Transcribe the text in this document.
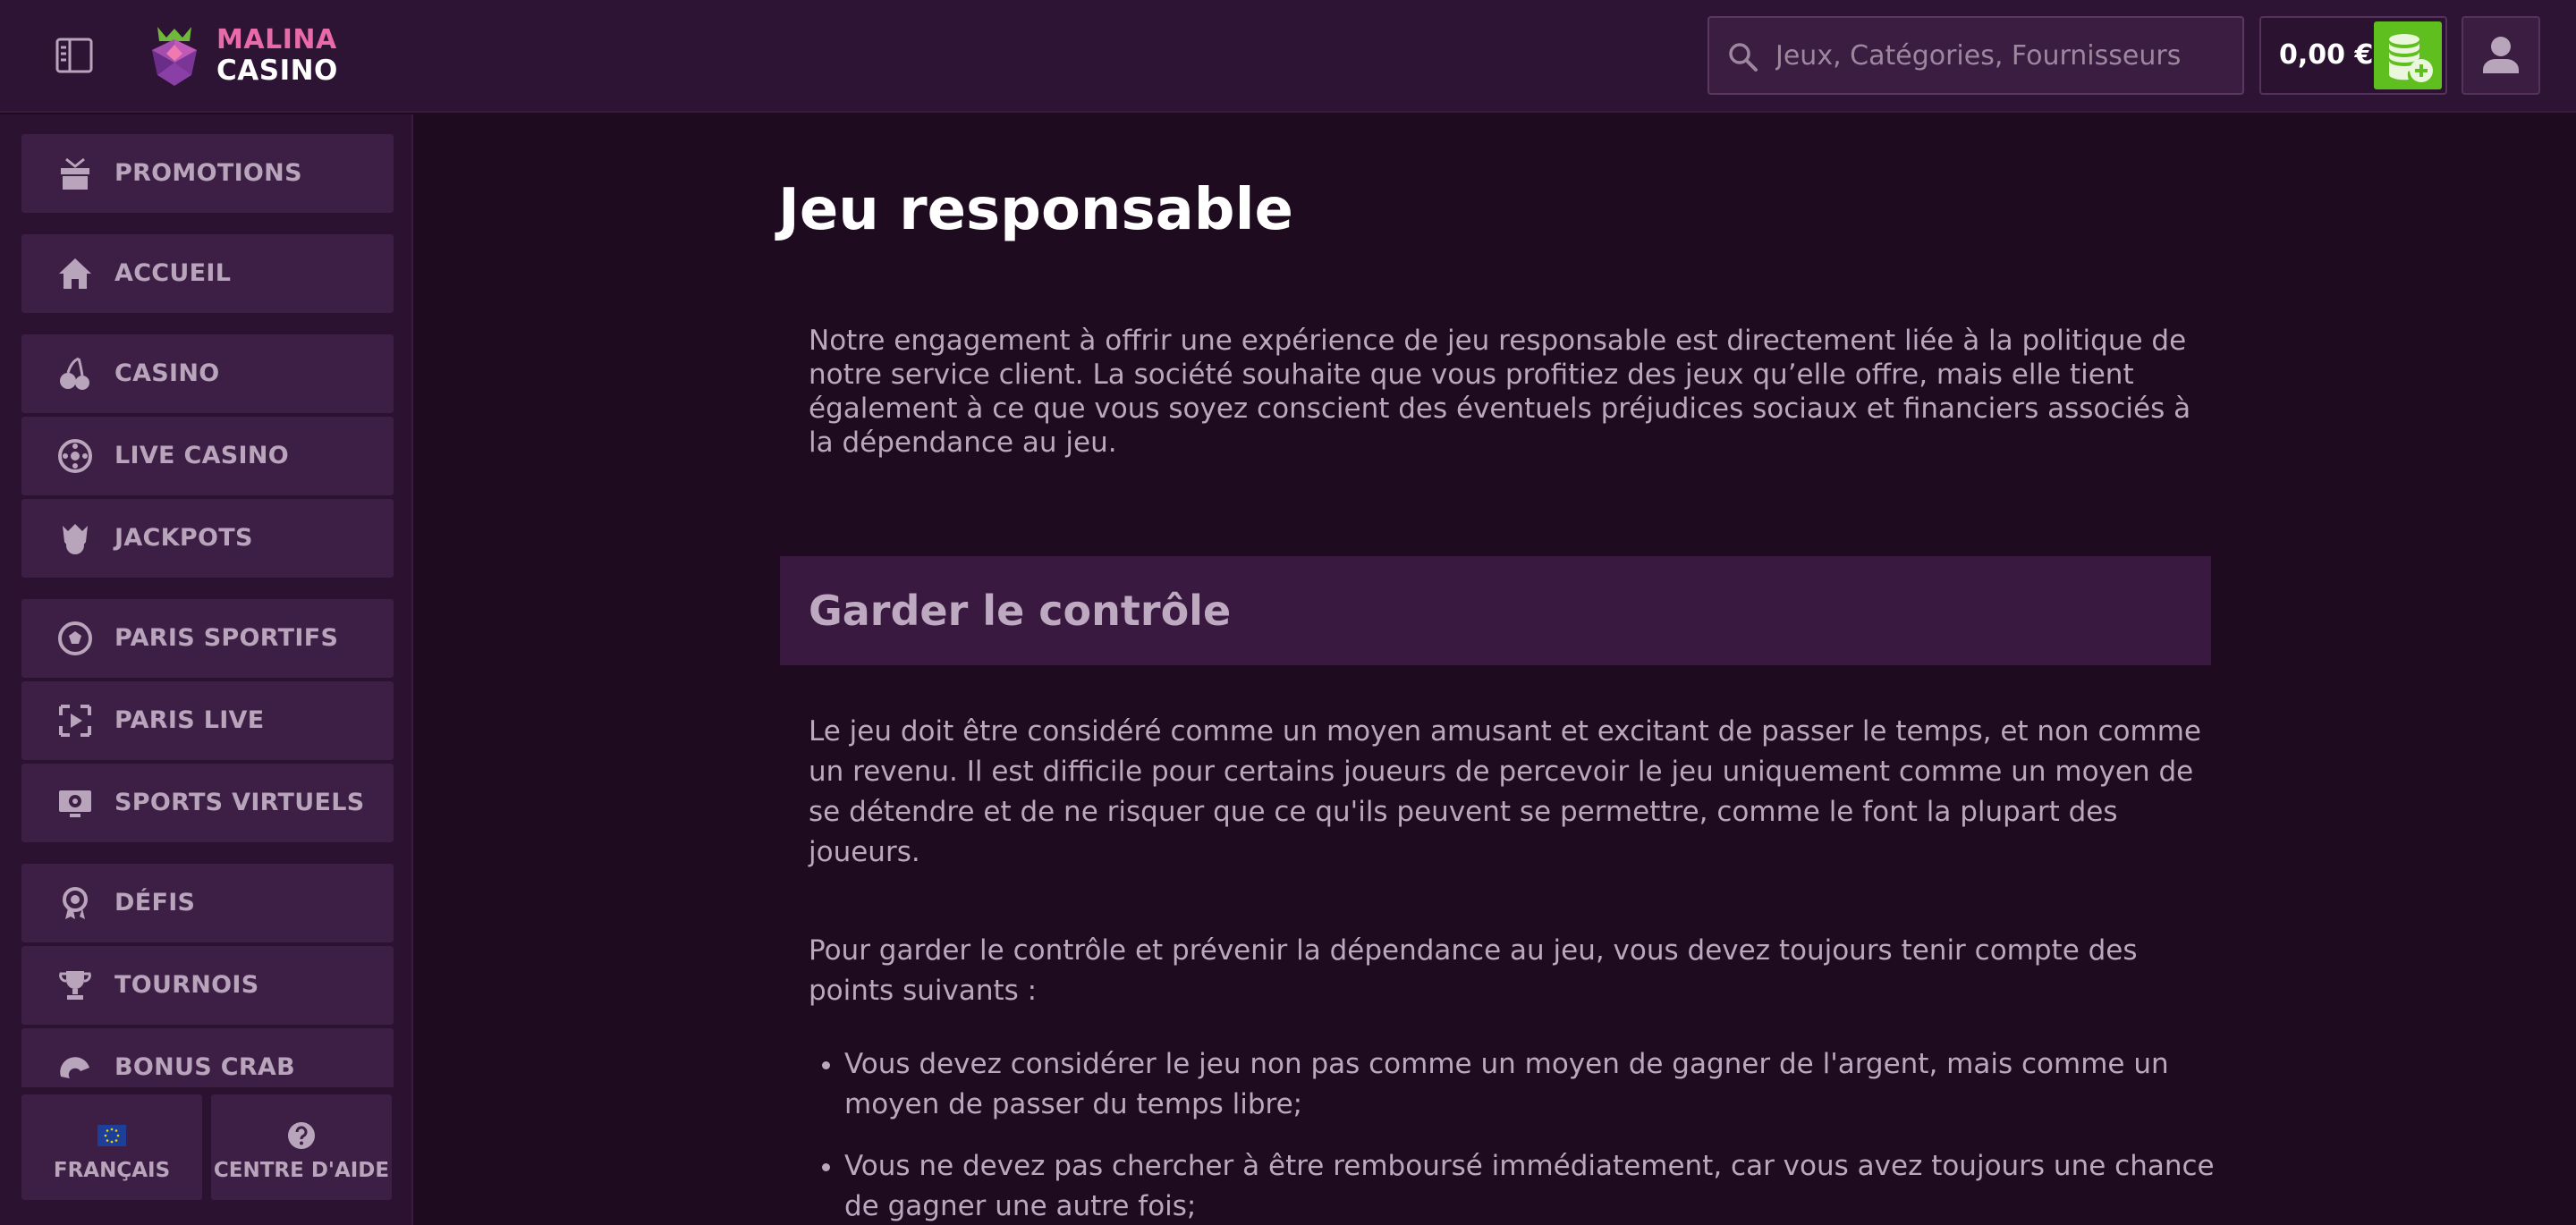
MALINA
CASINO
Jeux, Catégories, Fournisseurs	0,00 €
PROMOTIONS
ACCUEIL
CASINO
LIVE CASINO
JACKPOTS
PARIS SPORTIFS
PARIS LIVE
SPORTS VIRTUELS
DÉFIS
TOURNOIS
BONUS CRAB
FRANÇAIS	CENTRE D'AIDE
Jeu responsable

Notre engagement à offrir une expérience de jeu responsable est directement liée à la politique de notre service client. La société souhaite que vous profitiez des jeux qu’elle offre, mais elle tient également à ce que vous soyez conscient des éventuels préjudices sociaux et financiers associés à la dépendance au jeu.

Garder le contrôle

Le jeu doit être considéré comme un moyen amusant et excitant de passer le temps, et non comme un revenu. Il est difficile pour certains joueurs de percevoir le jeu uniquement comme un moyen de se détendre et de ne risquer que ce qu'ils peuvent se permettre, comme le font la plupart des joueurs.

Pour garder le contrôle et prévenir la dépendance au jeu, vous devez toujours tenir compte des points suivants :

• Vous devez considérer le jeu non pas comme un moyen de gagner de l'argent, mais comme un moyen de passer du temps libre;
• Vous ne devez pas chercher à être remboursé immédiatement, car vous avez toujours une chance de gagner une autre fois;
